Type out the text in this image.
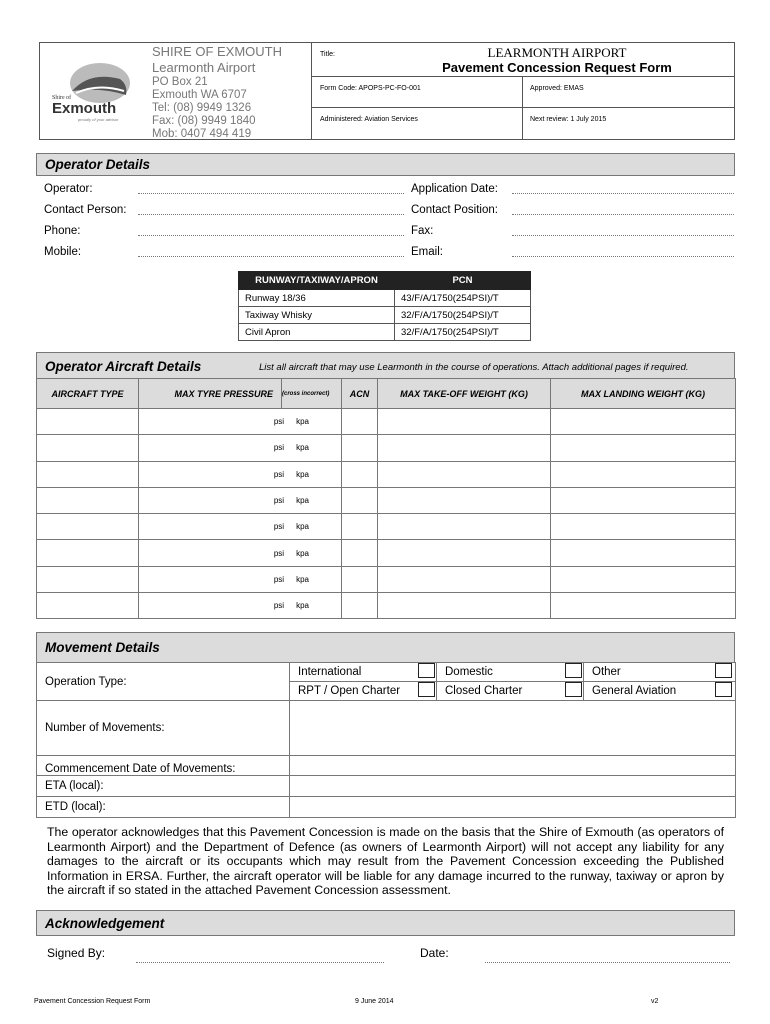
Shire of
Exmouth
proudly of your advisor
SHIRE OF EXMOUTH
Learmonth Airport
PO Box 21
Exmouth WA 6707
Tel: (08) 9949 1326
Fax: (08) 9949 1840
Mob: 0407 494 419
Title:	LEARMONTH AIRPORT
Pavement Concession Request Form
Form Code: APOPS-PC-FO-001	Approved: EMAS
Administered: Aviation Services	Next review: 1 July 2015
Operator Details
Operator:	Application Date:
Contact Person:	Contact Position:
Phone:	Fax:
Mobile:	Email:
RUNWAY/TAXIWAY/APRON	PCN
Runway 18/36	43/F/A/1750(254PSI)/T
Taxiway Whisky	32/F/A/1750(254PSI)/T
Civil Apron	32/F/A/1750(254PSI)/T
Operator Aircraft Details	List all aircraft that may use Learmonth in the course of operations. Attach additional pages if required.
AIRCRAFT TYPE	MAX TYRE PRESSURE	(cross incorrect)	ACN	MAX TAKE-OFF WEIGHT (KG)	MAX LANDING WEIGHT (KG)
	psi kpa				
	psi kpa				
	psi kpa				
	psi kpa				
	psi kpa				
	psi kpa				
	psi kpa				
	psi kpa				
Movement Details
Operation Type:	International		Domestic		Other	
	RPT / Open Charter		Closed Charter		General Aviation	
Number of Movements:						
Commencement Date of Movements:						
ETA (local):						
ETD (local):						
The operator acknowledges that this Pavement Concession is made on the basis that the Shire of Exmouth (as operators of Learmonth Airport) and the Department of Defence (as owners of Learmonth Airport) will not accept any liability for any damages to the aircraft or its occupants which may result from the Pavement Concession exceeding the Published Information in ERSA. Further, the aircraft operator will be liable for any damage incurred to the runway, taxiway or apron by the aircraft if so stated in the attached Pavement Concession assessment.
Acknowledgement
Signed By:	Date:
Pavement Concession Request Form	9 June 2014	v2
